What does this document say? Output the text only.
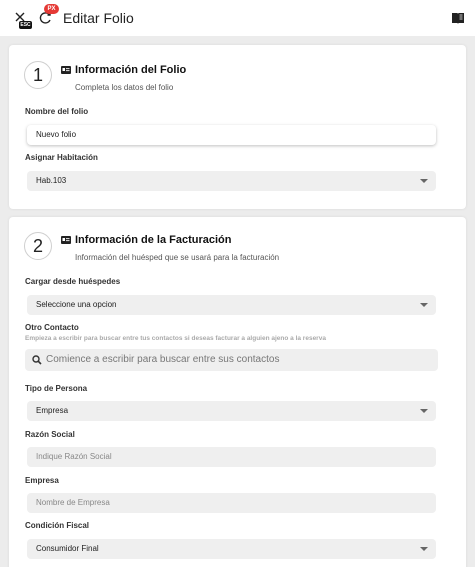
ESC
PX
Editar Folio
1	Información del Folio
Completa los datos del folio
Nombre del folio
Nuevo folio
Asignar Habitación
Hab.103
2	Información de la Facturación
Información del huésped que se usará para la facturación
Cargar desde huéspedes
Seleccione una opcion
Otro Contacto
Empieza a escribir para buscar entre tus contactos si deseas facturar a alguien ajeno a la reserva
Comience a escribir para buscar entre sus contactos
Tipo de Persona
Empresa
Razón Social
Indique Razón Social
Empresa
Nombre de Empresa
Condición Fiscal
Consumidor Final
